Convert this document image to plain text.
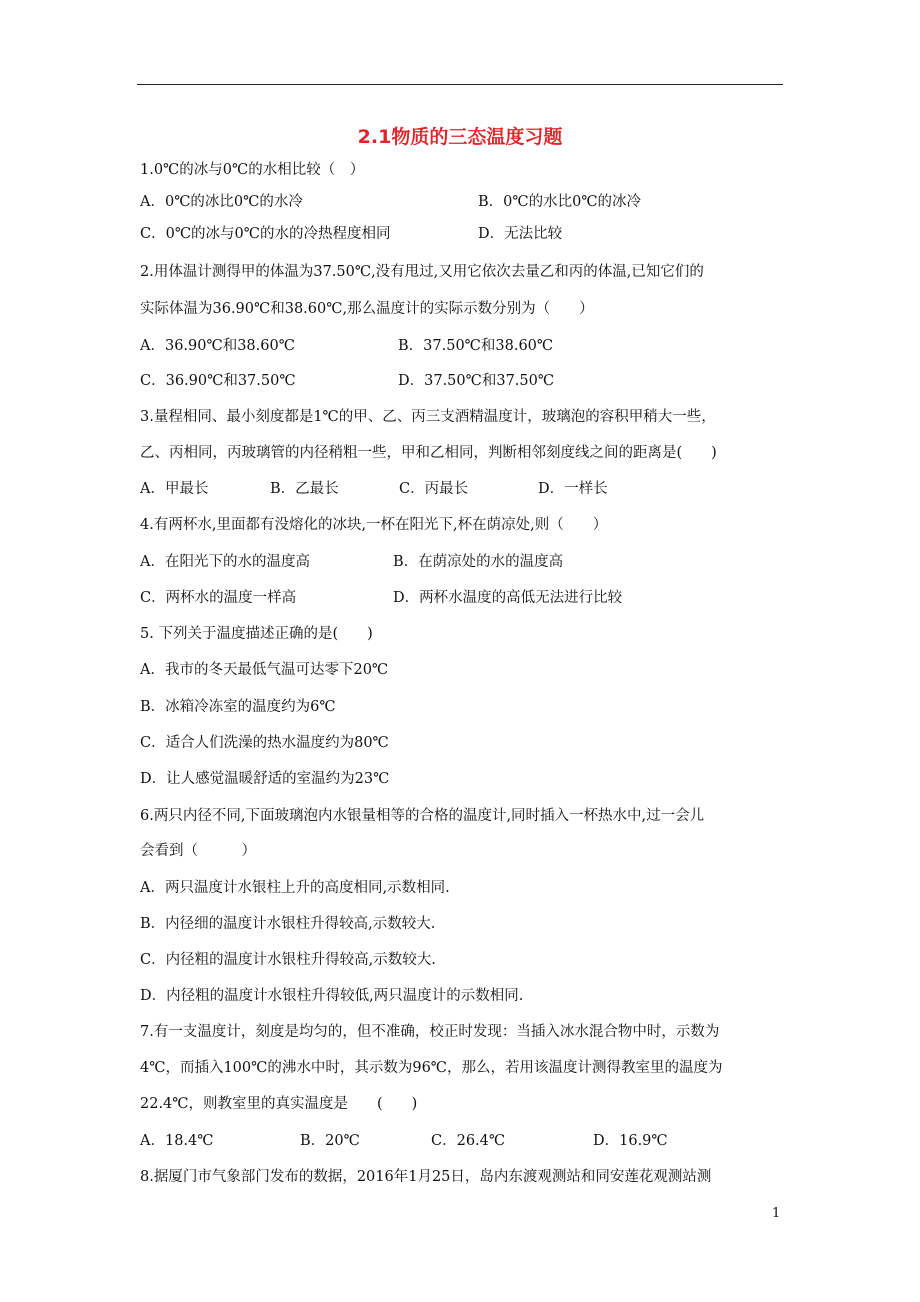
2.1物质的三态温度习题
1.0℃的冰与0℃的水相比较（　）
A．0℃的冰比0℃的水冷	B．0℃的水比0℃的冰冷
C．0℃的冰与0℃的水的冷热程度相同	D．无法比较
2.用体温计测得甲的体温为37.50℃,没有甩过,又用它依次去量乙和丙的体温,已知它们的
实际体温为36.90℃和38.60℃,那么温度计的实际示数分别为（　　）
A．36.90℃和38.60℃	B．37.50℃和38.60℃
C．36.90℃和37.50℃	D．37.50℃和37.50℃
3.量程相同、最小刻度都是1℃的甲、乙、丙三支酒精温度计，玻璃泡的容积甲稍大一些，
乙、丙相同，丙玻璃管的内径稍粗一些，甲和乙相同，判断相邻刻度线之间的距离是(　　)
A．甲最长	B．乙最长	C．丙最长	D．一样长
4.有两杯水,里面都有没熔化的冰块,一杯在阳光下,杯在荫凉处,则（　　）
A．在阳光下的水的温度高	B．在荫凉处的水的温度高
C．两杯水的温度一样高	D．两杯水温度的高低无法进行比较
5. 下列关于温度描述正确的是(　　)
A．我市的冬天最低气温可达零下20℃
B．冰箱冷冻室的温度约为6℃
C．适合人们洗澡的热水温度约为80℃
D．让人感觉温暖舒适的室温约为23℃
6.两只内径不同,下面玻璃泡内水银量相等的合格的温度计,同时插入一杯热水中,过一会儿
会看到（　　　）
A．两只温度计水银柱上升的高度相同,示数相同.
B．内径细的温度计水银柱升得较高,示数较大.
C．内径粗的温度计水银柱升得较高,示数较大.
D．内径粗的温度计水银柱升得较低,两只温度计的示数相同.
7.有一支温度计，刻度是均匀的，但不准确，校正时发现：当插入冰水混合物中时，示数为
4℃，而插入100℃的沸水中时，其示数为96℃，那么，若用该温度计测得教室里的温度为
22.4℃，则教室里的真实温度是　　(　　)
A．18.4℃	B．20℃	C．26.4℃	D．16.9℃
8.据厦门市气象部门发布的数据，2016年1月25日，岛内东渡观测站和同安莲花观测站测
1
